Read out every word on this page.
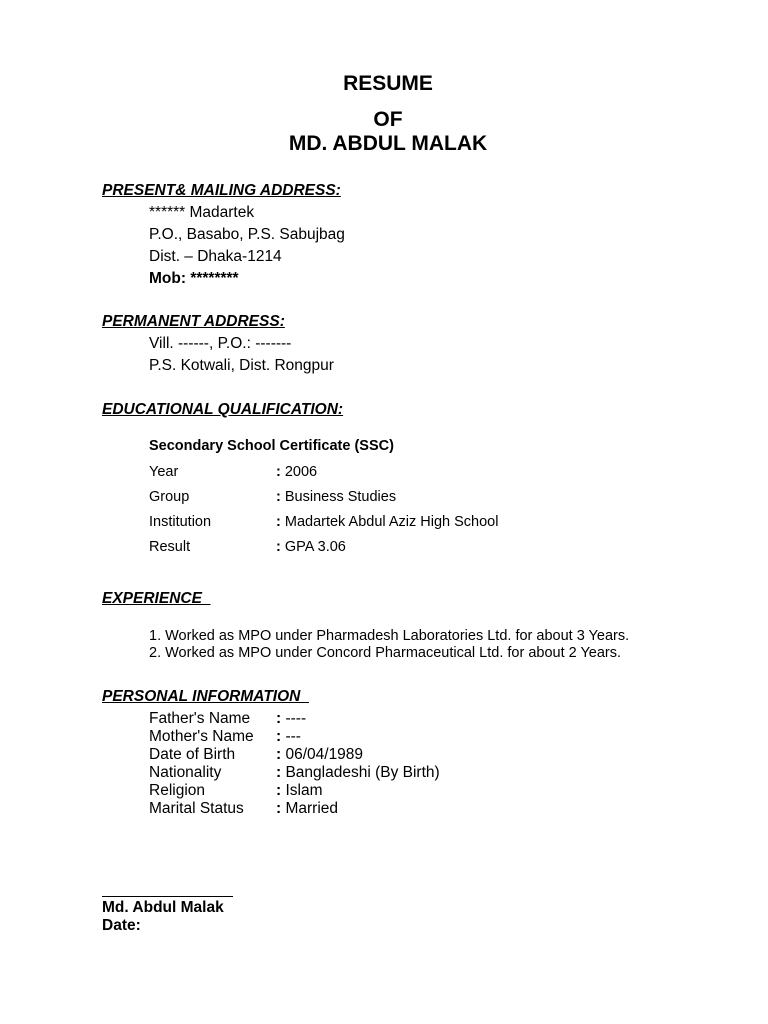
RESUME
OF
MD. ABDUL MALAK
PRESENT& MAILING ADDRESS:
****** Madartek
P.O., Basabo, P.S. Sabujbag
Dist. – Dhaka-1214
Mob: ********
PERMANENT ADDRESS:
Vill. ------, P.O.: -------
P.S. Kotwali, Dist. Rongpur
EDUCATIONAL QUALIFICATION:
Secondary School Certificate (SSC)
Year	: 2006
Group	: Business Studies
Institution	: Madartek Abdul Aziz High School
Result	: GPA 3.06
EXPERIENCE
1. Worked as MPO under Pharmadesh Laboratories Ltd. for about 3 Years.
2. Worked as MPO under Concord Pharmaceutical Ltd. for about 2 Years.
PERSONAL INFORMATION
Father's Name : ----
Mother's Name : ---
Date of Birth	: 06/04/1989
Nationality	: Bangladeshi (By Birth)
Religion	: Islam
Marital Status : Married
Md. Abdul Malak
Date:
